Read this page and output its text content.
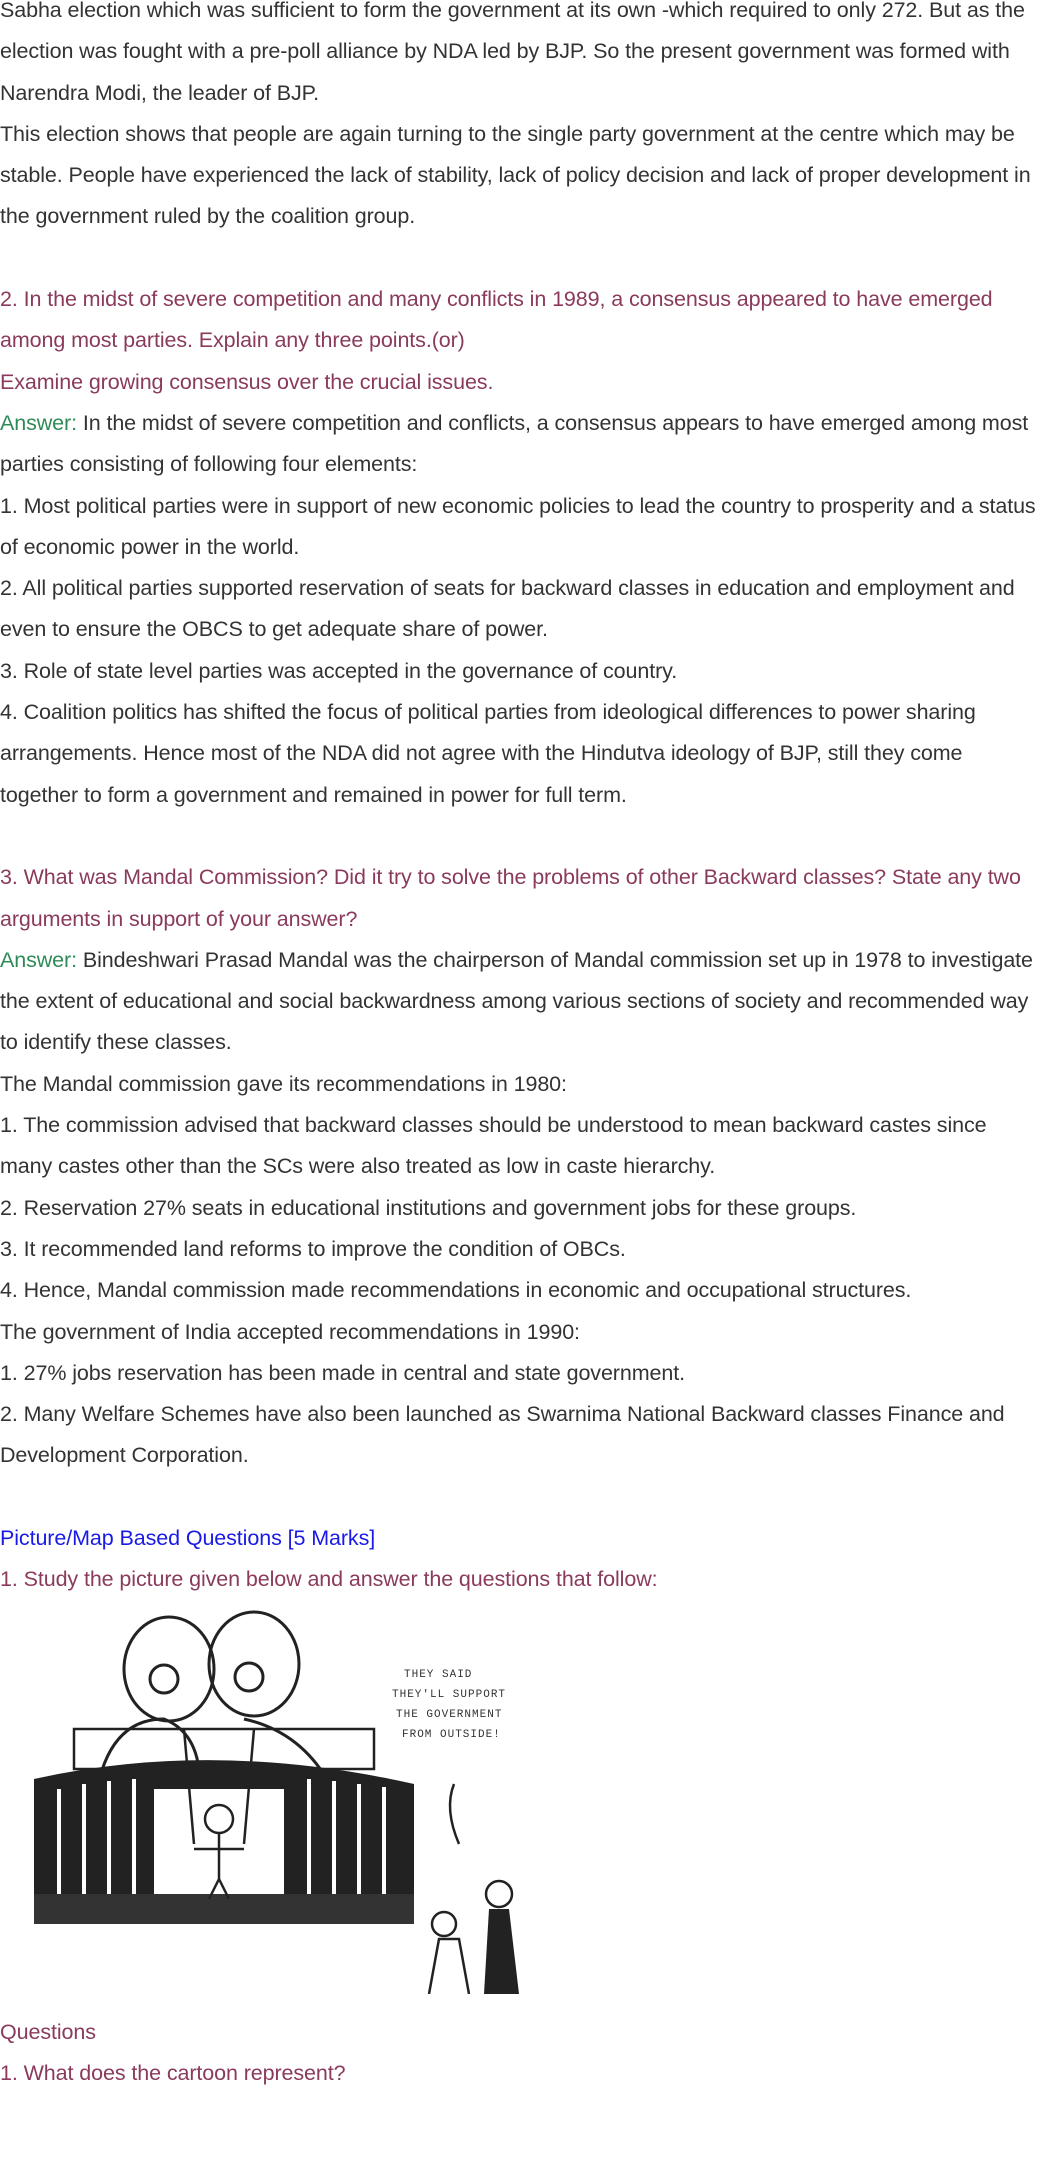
Sabha election which was sufficient to form the government at its own -which required to only 272. But as the election was fought with a pre-poll alliance by NDA led by BJP. So the present government was formed with Narendra Modi, the leader of BJP.

This election shows that people are again turning to the single party government at the centre which may be stable. People have experienced the lack of stability, lack of policy decision and lack of proper development in the government ruled by the coalition group.

2. In the midst of severe competition and many conflicts in 1989, a consensus appeared to have emerged among most parties. Explain any three points.(or)

Examine growing consensus over the crucial issues.

Answer: In the midst of severe competition and conflicts, a consensus appears to have emerged among most parties consisting of following four elements:

1. Most political parties were in support of new economic policies to lead the country to prosperity and a status of economic power in the world.

2. All political parties supported reservation of seats for backward classes in education and employment and even to ensure the OBCS to get adequate share of power.

3. Role of state level parties was accepted in the governance of country.

4. Coalition politics has shifted the focus of political parties from ideological differences to power sharing arrangements. Hence most of the NDA did not agree with the Hindutva ideology of BJP, still they come together to form a government and remained in power for full term.

3. What was Mandal Commission? Did it try to solve the problems of other Backward classes? State any two arguments in support of your answer?

Answer: Bindeshwari Prasad Mandal was the chairperson of Mandal commission set up in 1978 to investigate the extent of educational and social backwardness among various sections of society and recommended way to identify these classes.

The Mandal commission gave its recommendations in 1980:

1. The commission advised that backward classes should be understood to mean backward castes since many castes other than the SCs were also treated as low in caste hierarchy.

2. Reservation 27% seats in educational institutions and government jobs for these groups.

3. It recommended land reforms to improve the condition of OBCs.

4. Hence, Mandal commission made recommendations in economic and occupational structures.

The government of India accepted recommendations in 1990:

1. 27% jobs reservation has been made in central and state government.

2. Many Welfare Schemes have also been launched as Swarnima National Backward classes Finance and Development Corporation.

Picture/Map Based Questions [5 Marks]

1. Study the picture given below and answer the questions that follow:

THEY SAID
THEY'LL SUPPORT
THE GOVERNMENT
FROM OUTSIDE!

Questions

1. What does the cartoon represent?
